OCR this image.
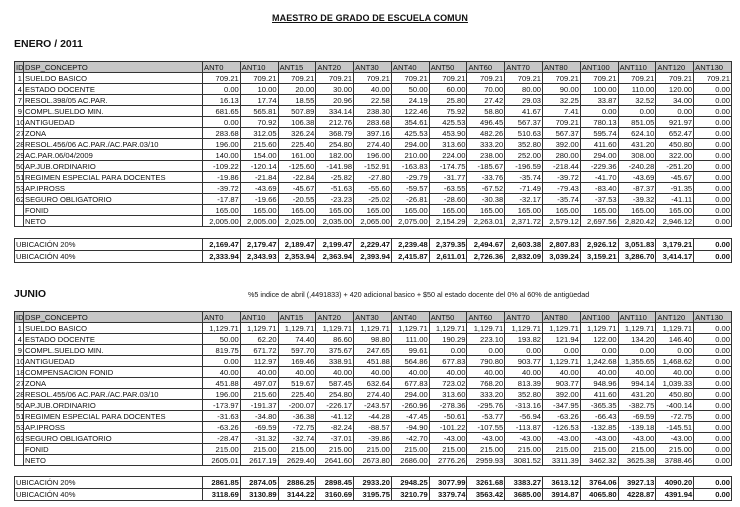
MAESTRO DE GRADO DE ESCUELA COMUN
ENERO / 2011
ID	DSP_CONCEPTO	ANT0	ANT10	ANT15	ANT20	ANT30	ANT40	ANT50	ANT60	ANT70	ANT80	ANT100	ANT110	ANT120	ANT130
1	SUELDO BASICO	709.21	709.21	709.21	709.21	709.21	709.21	709.21	709.21	709.21	709.21	709.21	709.21	709.21	709.21
4	ESTADO DOCENTE	0.00	10.00	20.00	30.00	40.00	50.00	60.00	70.00	80.00	90.00	100.00	110.00	120.00	0.00
7	RESOL.398/05 AC.PAR.	16.13	17.74	18.55	20.96	22.58	24.19	25.80	27.42	29.03	32.25	33.87	32.52	34.00	0.00
9	COMPL.SUELDO MIN.	681.65	565.81	507.89	334.14	238.30	122.46	75.92	58.80	41.67	7.41	0.00	0.00	0.00	0.00
10	ANTIGUEDAD	0.00	70.92	106.38	212.76	283.68	354.61	425.53	496.45	567.37	709.21	780.13	851.05	921.97	0.00
27	ZONA	283.68	312.05	326.24	368.79	397.16	425.53	453.90	482.26	510.63	567.37	595.74	624.10	652.47	0.00
28	RESOL.456/06 AC.PAR./AC.PAR.03/10	196.00	215.60	225.40	254.80	274.40	294.00	313.60	333.20	352.80	392.00	411.60	431.20	450.80	0.00
29	AC.PAR.06/04/2009	140.00	154.00	161.00	182.00	196.00	210.00	224.00	238.00	252.00	280.00	294.00	308.00	322.00	0.00
50	AP.JUB.ORDINARIO	-109.22	-120.14	-125.60	-141.98	-152.91	-163.83	-174.75	-185.67	-196.59	-218.44	-229.36	-240.28	-251.20	0.00
51	REGIMEN ESPECIAL PARA DOCENTES	-19.86	-21.84	-22.84	-25.82	-27.80	-29.79	-31.77	-33.76	-35.74	-39.72	-41.70	-43.69	-45.67	0.00
53	AP.IPROSS	-39.72	-43.69	-45.67	-51.63	-55.60	-59.57	-63.55	-67.52	-71.49	-79.43	-83.40	-87.37	-91.35	0.00
62	SEGURO OBLIGATORIO	-17.87	-19.66	-20.55	-23.23	-25.02	-26.81	-28.60	-30.38	-32.17	-35.74	-37.53	-39.32	-41.11	0.00
	FONID	165.00	165.00	165.00	165.00	165.00	165.00	165.00	165.00	165.00	165.00	165.00	165.00	165.00	0.00
	NETO	2,005.00	2,005.00	2,025.00	2,035.00	2,065.00	2,075.00	2,154.29	2,263.01	2,371.72	2,579.12	2,697.56	2,820.42	2,946.12	0.00
UBICACIÓN 20%	2,169.47	2,179.47	2,189.47	2,199.47	2,229.47	2,239.48	2,379.35	2,494.67	2,603.38	2,807.83	2,926.12	3,051.83	3,179.21	0.00
UBICACIÓN 40%	2,333.94	2,343.93	2,353.94	2,363.94	2,393.94	2,415.87	2,611.01	2,726.36	2,832.09	3,039.24	3,159.21	3,286.70	3,414.17	0.00
JUNIO	%5 indice de abril (,4491833) + 420 adicional basico + $50 al estado docente del 0% al 60% de antigüedad
ID	DSP_CONCEPTO	ANT0	ANT10	ANT15	ANT20	ANT30	ANT40	ANT50	ANT60	ANT70	ANT80	ANT100	ANT110	ANT120	ANT130
1	SUELDO BASICO	1,129.71	1,129.71	1,129.71	1,129.71	1,129.71	1,129.71	1,129.71	1,129.71	1,129.71	1,129.71	1,129.71	1,129.71	1,129.71	0.00
4	ESTADO DOCENTE	50.00	62.20	74.40	86.60	98.80	111.00	190.29	223.10	193.82	121.94	122.00	134.20	146.40	0.00
9	COMPL.SUELDO MIN.	819.75	671.72	597.70	375.67	247.65	99.61	0.00	0.00	0.00	0.00	0.00	0.00	0.00	0.00
10	ANTIGUEDAD	0.00	112.97	169.46	338.91	451.88	564.86	677.83	790.80	903.77	1,129.71	1,242.68	1,355.65	1,468.62	0.00
18	COMPENSACION FONID	40.00	40.00	40.00	40.00	40.00	40.00	40.00	40.00	40.00	40.00	40.00	40.00	40.00	0.00
27	ZONA	451.88	497.07	519.67	587.45	632.64	677.83	723.02	768.20	813.39	903.77	948.96	994.14	1,039.33	0.00
28	RESOL.455/06 AC.PAR./AC.PAR.03/10	196.00	215.60	225.40	254.80	274.40	294.00	313.60	333.20	352.80	392.00	411.60	431.20	450.80	0.00
50	AP.JUB.ORDINARIO	-173.97	-191.37	-200.07	-226.17	-243.57	-260.96	-278.36	-295.76	-313.16	-347.95	-365.35	-382.75	-400.14	0.00
51	REGIMEN ESPECIAL PARA DOCENTES	-31.63	-34.80	-36.38	-41.12	-44.28	-47.45	-50.61	-53.77	-56.94	-63.26	-66.43	-69.59	-72.75	0.00
53	AP.IPROSS	-63.26	-69.59	-72.75	-82.24	-88.57	-94.90	-101.22	-107.55	-113.87	-126.53	-132.85	-139.18	-145.51	0.00
62	SEGURO OBLIGATORIO	-28.47	-31.32	-32.74	-37.01	-39.86	-42.70	-43.00	-43.00	-43.00	-43.00	-43.00	-43.00	-43.00	0.00
	FONID	215.00	215.00	215.00	215.00	215.00	215.00	215.00	215.00	215.00	215.00	215.00	215.00	215.00	0.00
	NETO	2605.01	2617.19	2629.40	2641.60	2673.80	2686.00	2776.26	2959.93	3081.52	3311.39	3462.32	3625.38	3788.46	0.00
UBICACIÓN 20%	2861.85	2874.05	2886.25	2898.45	2933.20	2948.25	3077.99	3261.68	3383.27	3613.12	3764.06	3927.13	4090.20	0.00
UBICACIÓN 40%	3118.69	3130.89	3144.22	3160.69	3195.75	3210.79	3379.74	3563.42	3685.00	3914.87	4065.80	4228.87	4391.94	0.00
